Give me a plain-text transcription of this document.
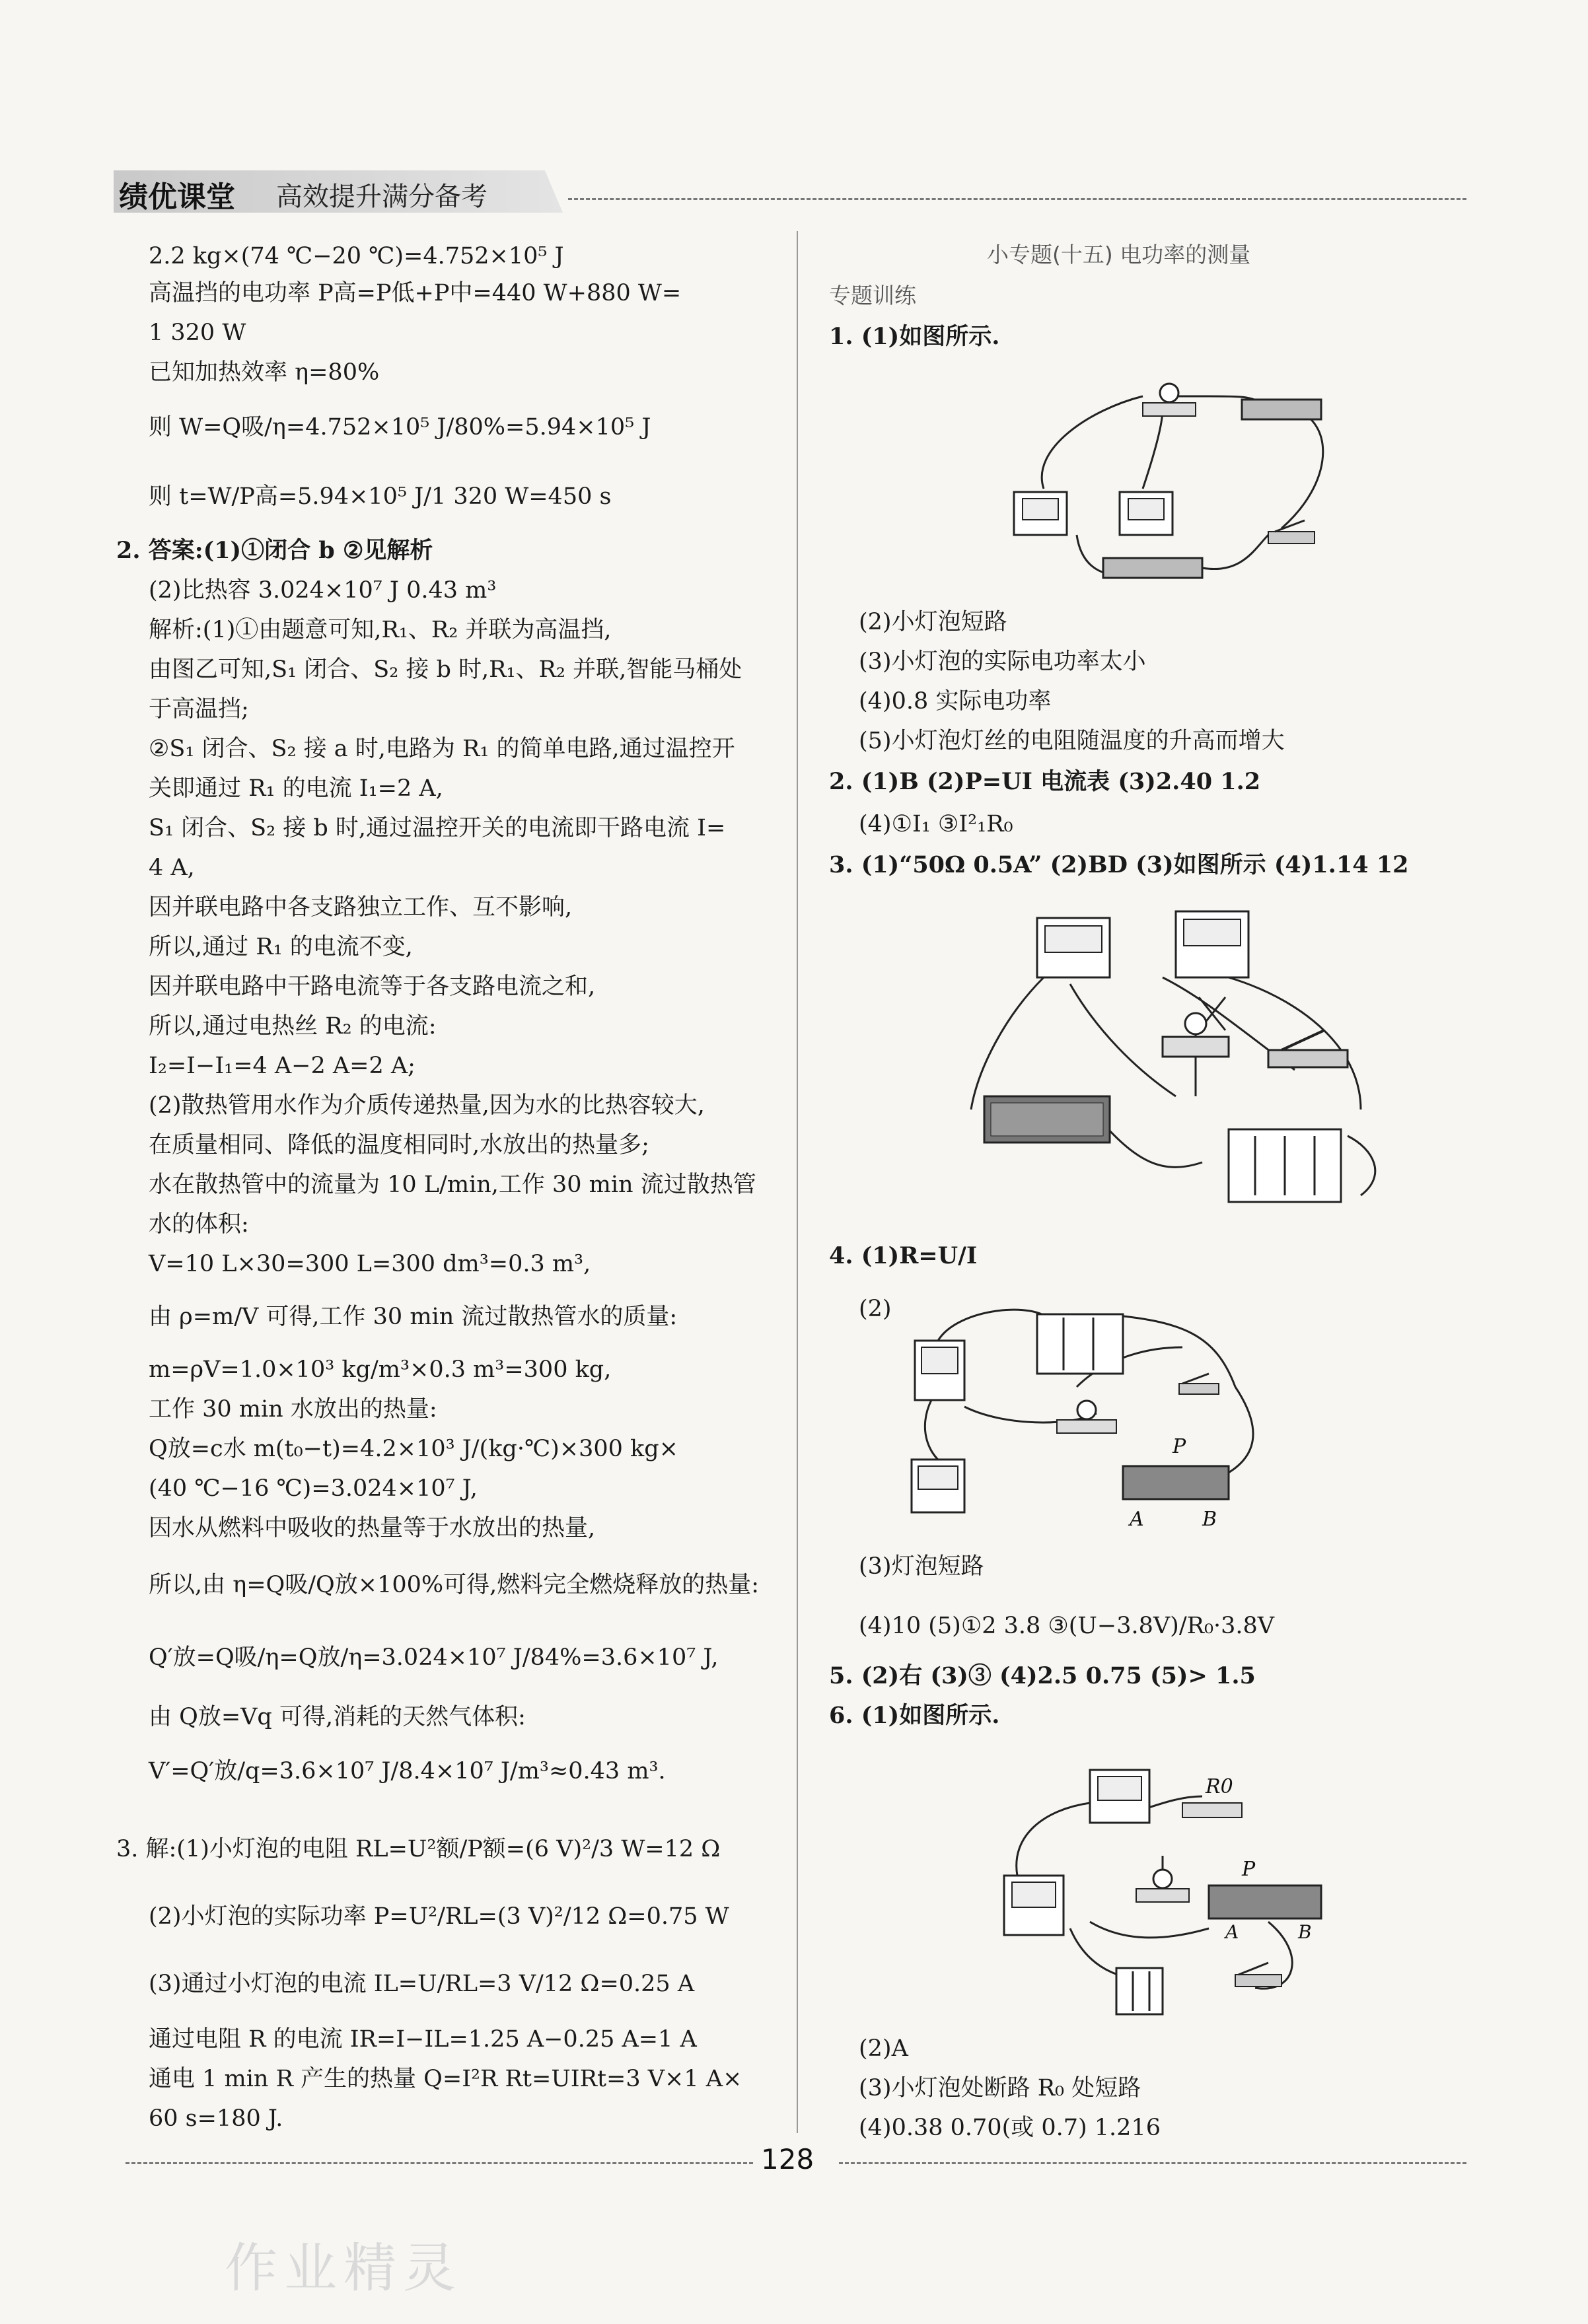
绩优课堂 高效提升满分备考
2.2 kg×(74 ℃−20 ℃)=4.752×10⁵ J
高温挡的电功率 P高=P低+P中=440 W+880 W=
1 320 W
已知加热效率 η=80%
则 W=Q吸/η=4.752×10⁵ J/80%=5.94×10⁵ J
则 t=W/P高=5.94×10⁵ J/1 320 W=450 s
2. 答案:(1)①闭合 b ②见解析
(2)比热容 3.024×10⁷ J 0.43 m³
解析:(1)①由题意可知,R₁、R₂ 并联为高温挡,
由图乙可知,S₁ 闭合、S₂ 接 b 时,R₁、R₂ 并联,智能马桶处
于高温挡;
②S₁ 闭合、S₂ 接 a 时,电路为 R₁ 的简单电路,通过温控开
关即通过 R₁ 的电流 I₁=2 A,
S₁ 闭合、S₂ 接 b 时,通过温控开关的电流即干路电流 I=
4 A,
因并联电路中各支路独立工作、互不影响,
所以,通过 R₁ 的电流不变,
因并联电路中干路电流等于各支路电流之和,
所以,通过电热丝 R₂ 的电流:
I₂=I−I₁=4 A−2 A=2 A;
(2)散热管用水作为介质传递热量,因为水的比热容较大,
在质量相同、降低的温度相同时,水放出的热量多;
水在散热管中的流量为 10 L/min,工作 30 min 流过散热管
水的体积:
V=10 L×30=300 L=300 dm³=0.3 m³,
由 ρ=m/V 可得,工作 30 min 流过散热管水的质量:
m=ρV=1.0×10³ kg/m³×0.3 m³=300 kg,
工作 30 min 水放出的热量:
Q放=c水 m(t₀−t)=4.2×10³ J/(kg·℃)×300 kg×
(40 ℃−16 ℃)=3.024×10⁷ J,
因水从燃料中吸收的热量等于水放出的热量,
所以,由 η=Q吸/Q放×100%可得,燃料完全燃烧释放的热量:
Q′放=Q吸/η=Q放/η=3.024×10⁷ J/84%=3.6×10⁷ J,
由 Q放=Vq 可得,消耗的天然气体积:
V′=Q′放/q=3.6×10⁷ J/8.4×10⁷ J/m³≈0.43 m³.
3. 解:(1)小灯泡的电阻 RL=U²额/P额=(6 V)²/3 W=12 Ω
(2)小灯泡的实际功率 P=U²/RL=(3 V)²/12 Ω=0.75 W
(3)通过小灯泡的电流 IL=U/RL=3 V/12 Ω=0.25 A
通过电阻 R 的电流 IR=I−IL=1.25 A−0.25 A=1 A
通电 1 min R 产生的热量 Q=I²R Rt=UIRt=3 V×1 A×
60 s=180 J.
小专题(十五) 电功率的测量
专题训练
1. (1)如图所示.
(2)小灯泡短路
(3)小灯泡的实际电功率太小
(4)0.8 实际电功率
(5)小灯泡灯丝的电阻随温度的升高而增大
2. (1)B (2)P=UI 电流表 (3)2.40 1.2
(4)①I₁ ③I²₁R₀
3. (1)“50Ω 0.5A” (2)BD (3)如图所示 (4)1.14 12
4. (1)R=U/I
(2)
P
A	B
(3)灯泡短路
(4)10 (5)①2 3.8 ③(U−3.8V)/R₀·3.8V
5. (2)右 (3)③ (4)2.5 0.75 (5)> 1.5
6. (1)如图所示.
R0
P
A	B
(2)A
(3)小灯泡处断路 R₀ 处短路
(4)0.38 0.70(或 0.7) 1.216
128
作业精灵
